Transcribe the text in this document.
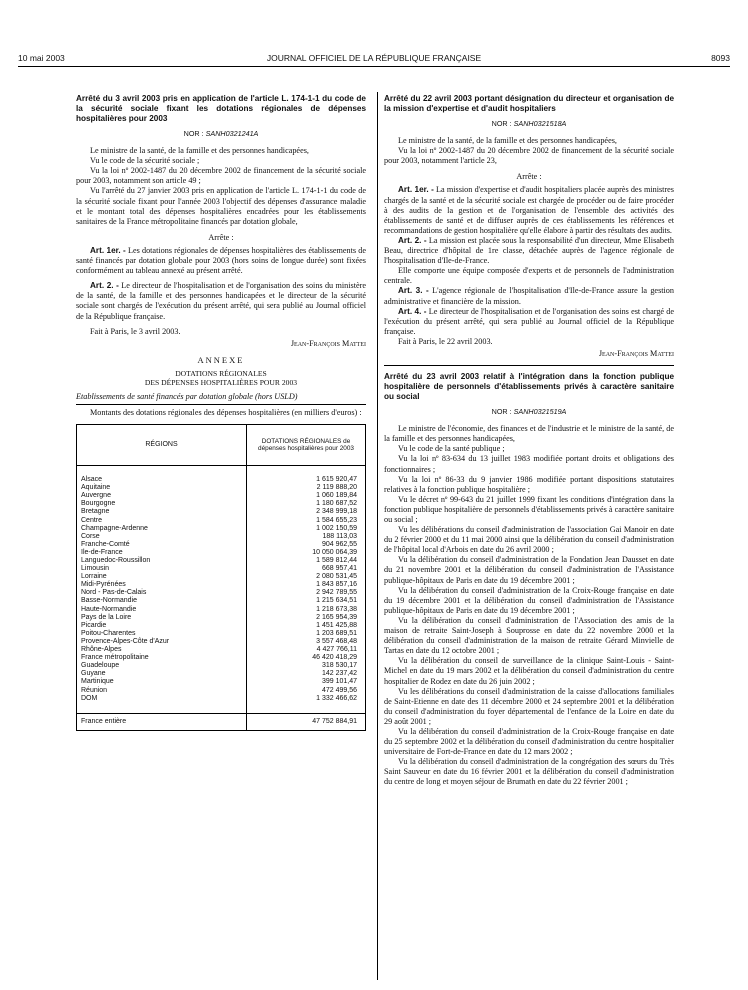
10 mai 2003	JOURNAL OFFICIEL DE LA RÉPUBLIQUE FRANÇAISE	8093
Arrêté du 3 avril 2003 pris en application de l'article L. 174-1-1 du code de la sécurité sociale fixant les dotations régionales de dépenses hospitalières pour 2003
NOR : SANH0321241A

Le ministre de la santé, de la famille et des personnes handicapées,

Vu le code de la sécurité sociale ;

Vu la loi nº 2002-1487 du 20 décembre 2002 de financement de la sécurité sociale pour 2003, notamment son article 49 ;

Vu l'arrêté du 27 janvier 2003 pris en application de l'article L. 174-1-1 du code de la sécurité sociale fixant pour l'année 2003 l'objectif des dépenses d'assurance maladie et le montant total des dépenses hospitalières encadrées pour les établissements sanitaires de la France métropolitaine financés par dotation globale,

Arrête :

Art. 1er. - Les dotations régionales de dépenses hospitalières des établissements de santé financés par dotation globale pour 2003 (hors soins de longue durée) sont fixées conformément au tableau annexé au présent arrêté.

Art. 2. - Le directeur de l'hospitalisation et de l'organisation des soins du ministère de la santé, de la famille et des personnes handicapées et le directeur de la sécurité sociale sont chargés de l'exécution du présent arrêté, qui sera publié au Journal officiel de la République française.

Fait à Paris, le 3 avril 2003.

Jean-François Mattei

ANNEXE
DOTATIONS RÉGIONALES
DES DÉPENSES HOSPITALIÈRES POUR 2003

Etablissements de santé financés par dotation globale (hors USLD)

Montants des dotations régionales des dépenses hospitalières (en milliers d'euros) :

RÉGIONS	DOTATIONS RÉGIONALES de dépenses hospitalières pour 2003

Alsace	1 615 920,47
Aquitaine	2 119 888,20
Auvergne	1 060 189,84
Bourgogne	1 180 687,52
Bretagne	2 348 999,18
Centre	1 584 655,23
Champagne-Ardenne	1 002 150,59
Corse	188 113,03
Franche-Comté	904 962,55
Ile-de-France	10 050 064,39
Languedoc-Roussillon	1 589 812,44
Limousin	668 957,41
Lorraine	2 080 531,45
Midi-Pyrénées	1 843 857,16
Nord - Pas-de-Calais	2 942 789,55
Basse-Normandie	1 215 634,51
Haute-Normandie	1 218 673,38
Pays de la Loire	2 165 954,39
Picardie	1 451 425,88
Poitou-Charentes	1 203 689,51
Provence-Alpes-Côte d'Azur	3 557 468,48
Rhône-Alpes	4 427 766,11
France métropolitaine	46 420 418,29
Guadeloupe	318 530,17
Guyane	142 237,42
Martinique	399 101,47
Réunion	472 499,56
DOM	1 332 466,62

France entière	47 752 884,91
Arrêté du 22 avril 2003 portant désignation du directeur et organisation de la mission d'expertise et d'audit hospitaliers
NOR : SANH0321518A

Le ministre de la santé, de la famille et des personnes handicapées,

Vu la loi nº 2002-1487 du 20 décembre 2002 de financement de la sécurité sociale pour 2003, notamment l'article 23,

Arrête :

Art. 1er. - La mission d'expertise et d'audit hospitaliers placée auprès des ministres chargés de la santé et de la sécurité sociale est chargée de procéder ou de faire procéder à des audits de la gestion et de l'organisation de l'ensemble des activités des établissements de santé et de diffuser auprès de ces établissements les références et recommandations de gestion hospitalière qu'elle élabore à partir des résultats des audits.

Art. 2. - La mission est placée sous la responsabilité d'un directeur, Mme Elisabeth Beau, directrice d'hôpital de 1re classe, détachée auprès de l'agence régionale de l'hospitalisation d'Ile-de-France.

Elle comporte une équipe composée d'experts et de personnels de l'administration centrale.

Art. 3. - L'agence régionale de l'hospitalisation d'Ile-de-France assure la gestion administrative et financière de la mission.

Art. 4. - Le directeur de l'hospitalisation et de l'organisation des soins est chargé de l'exécution du présent arrêté, qui sera publié au Journal officiel de la République française.

Fait à Paris, le 22 avril 2003.

Jean-François Mattei

Arrêté du 23 avril 2003 relatif à l'intégration dans la fonction publique hospitalière de personnels d'établissements privés à caractère sanitaire ou social
NOR : SANH0321519A

Le ministre de l'économie, des finances et de l'industrie et le ministre de la santé, de la famille et des personnes handicapées,

Vu le code de la santé publique ;

Vu la loi nº 83-634 du 13 juillet 1983 modifiée portant droits et obligations des fonctionnaires ;

Vu la loi nº 86-33 du 9 janvier 1986 modifiée portant dispositions statutaires relatives à la fonction publique hospitalière ;

Vu le décret nº 99-643 du 21 juillet 1999 fixant les conditions d'intégration dans la fonction publique hospitalière de personnels d'établissements privés à caractère sanitaire ou social ;

Vu les délibérations du conseil d'administration de l'association Gai Manoir en date du 2 février 2000 et du 11 mai 2000 ainsi que la délibération du conseil d'administration de l'hôpital local d'Arbois en date du 26 avril 2000 ;

Vu la délibération du conseil d'administration de la Fondation Jean Dausset en date du 21 novembre 2001 et la délibération du conseil d'administration de l'Assistance publique-hôpitaux de Paris en date du 19 décembre 2001 ;

Vu la délibération du conseil d'administration de la Croix-Rouge française en date du 19 décembre 2001 et la délibération du conseil d'administration de l'Assistance publique-hôpitaux de Paris en date du 19 décembre 2001 ;

Vu la délibération du conseil d'administration de l'Association des amis de la maison de retraite Saint-Joseph à Souprosse en date du 22 novembre 2000 et la délibération du conseil d'administration de la maison de retraite Gérard Minvielle de Tartas en date du 12 octobre 2001 ;

Vu la délibération du conseil de surveillance de la clinique Saint-Louis - Saint-Michel en date du 19 mars 2002 et la délibération du conseil d'administration du centre hospitalier de Rodez en date du 26 juin 2002 ;

Vu les délibérations du conseil d'administration de la caisse d'allocations familiales de Saint-Etienne en date des 11 décembre 2000 et 24 septembre 2001 et la délibération du conseil d'administration du foyer départemental de l'enfance de la Loire en date du 29 août 2001 ;

Vu la délibération du conseil d'administration de la Croix-Rouge française en date du 25 septembre 2002 et la délibération du conseil d'administration du centre hospitalier universitaire de Fort-de-France en date du 12 mars 2002 ;

Vu la délibération du conseil d'administration de la congrégation des sœurs du Très Saint Sauveur en date du 16 février 2001 et la délibération du conseil d'administration du centre de long et moyen séjour de Brumath en date du 22 février 2001 ;
